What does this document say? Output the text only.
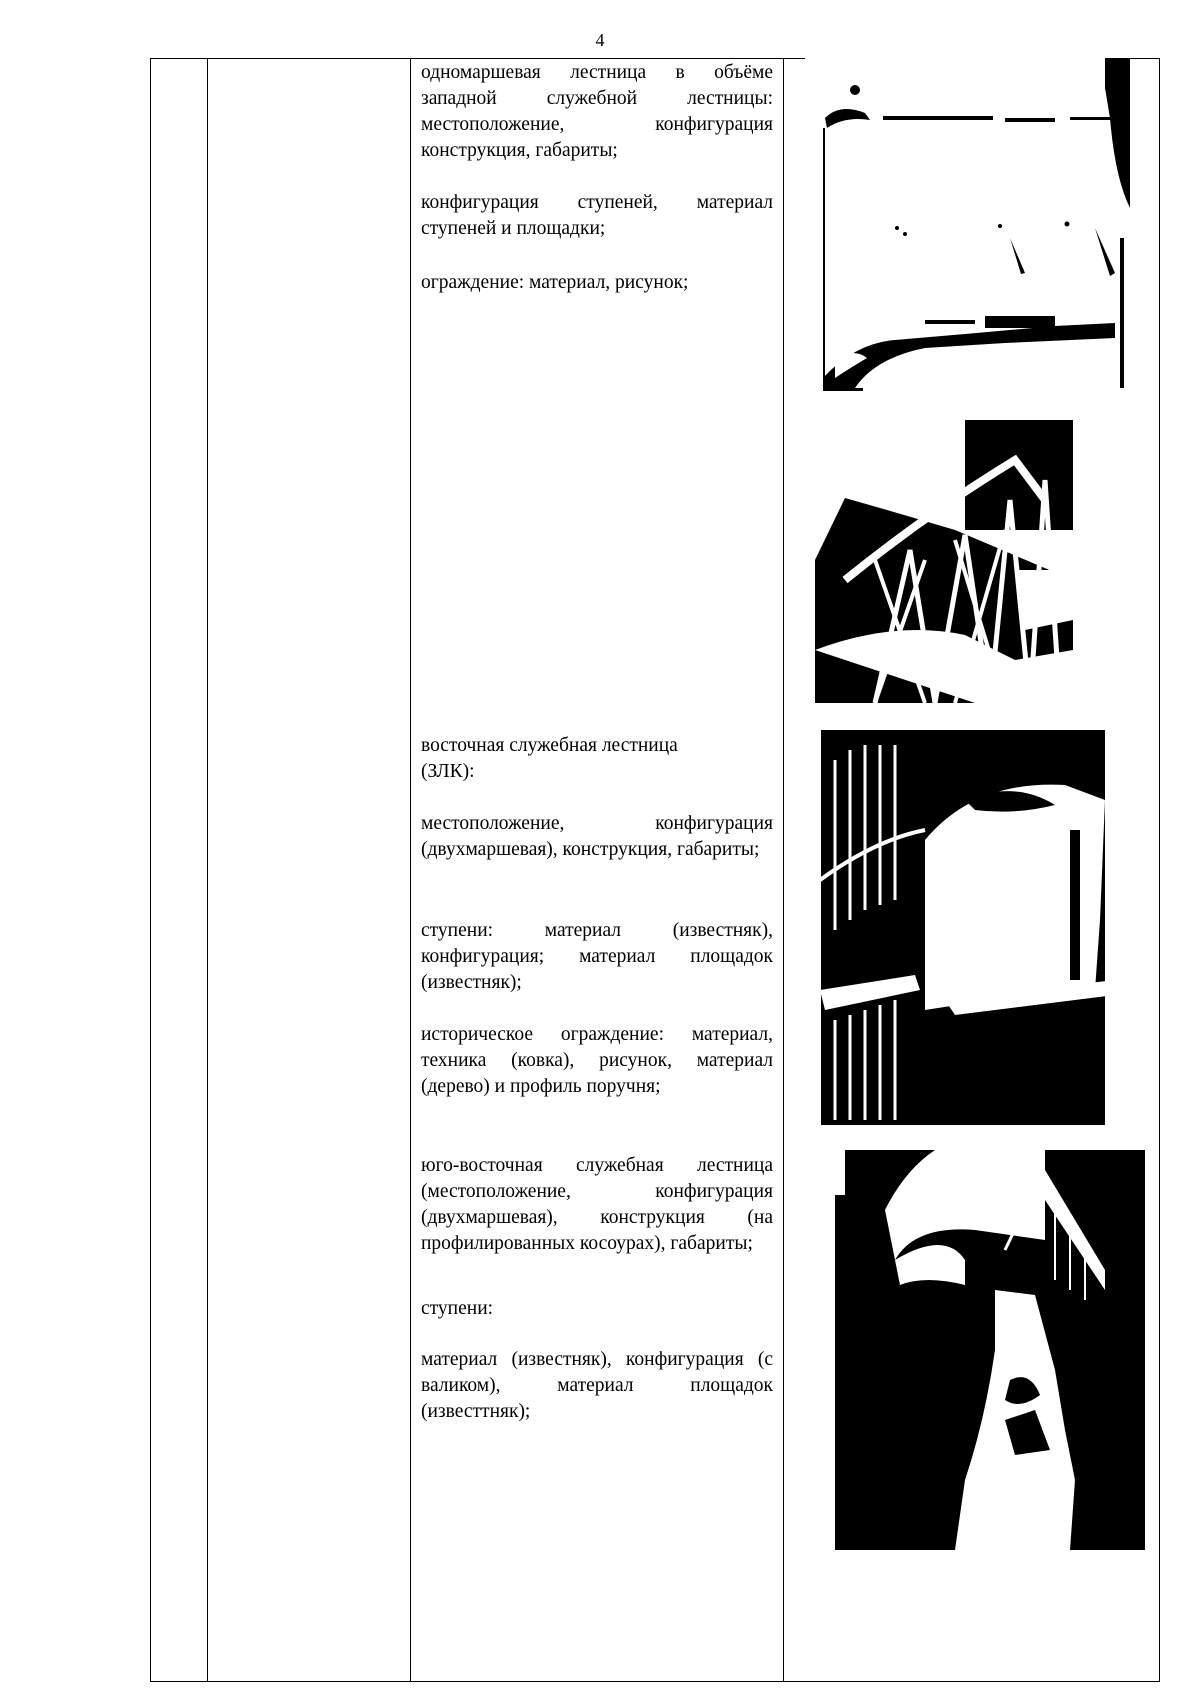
4
одномаршевая лестница в объёме западной служебной лестницы: местоположение, конфигурация конструкция, габариты;
конфигурация ступеней, материал ступеней и площадки;
ограждение: материал, рисунок;
восточная служебная лестница (ЗЛК):
местоположение, конфигурация (двухмаршевая), конструкция, габариты;
ступени: материал (известняк), конфигурация; материал площадок (известняк);
историческое ограждение: материал, техника (ковка), рисунок, материал (дерево) и профиль поручня;
юго-восточная служебная лестница (местоположение, конфигурация (двухмаршевая), конструкция (на профилированных косоурах), габариты;
ступени:
материал (известняк), конфигурация (с валиком), материал площадок (известтняк);
